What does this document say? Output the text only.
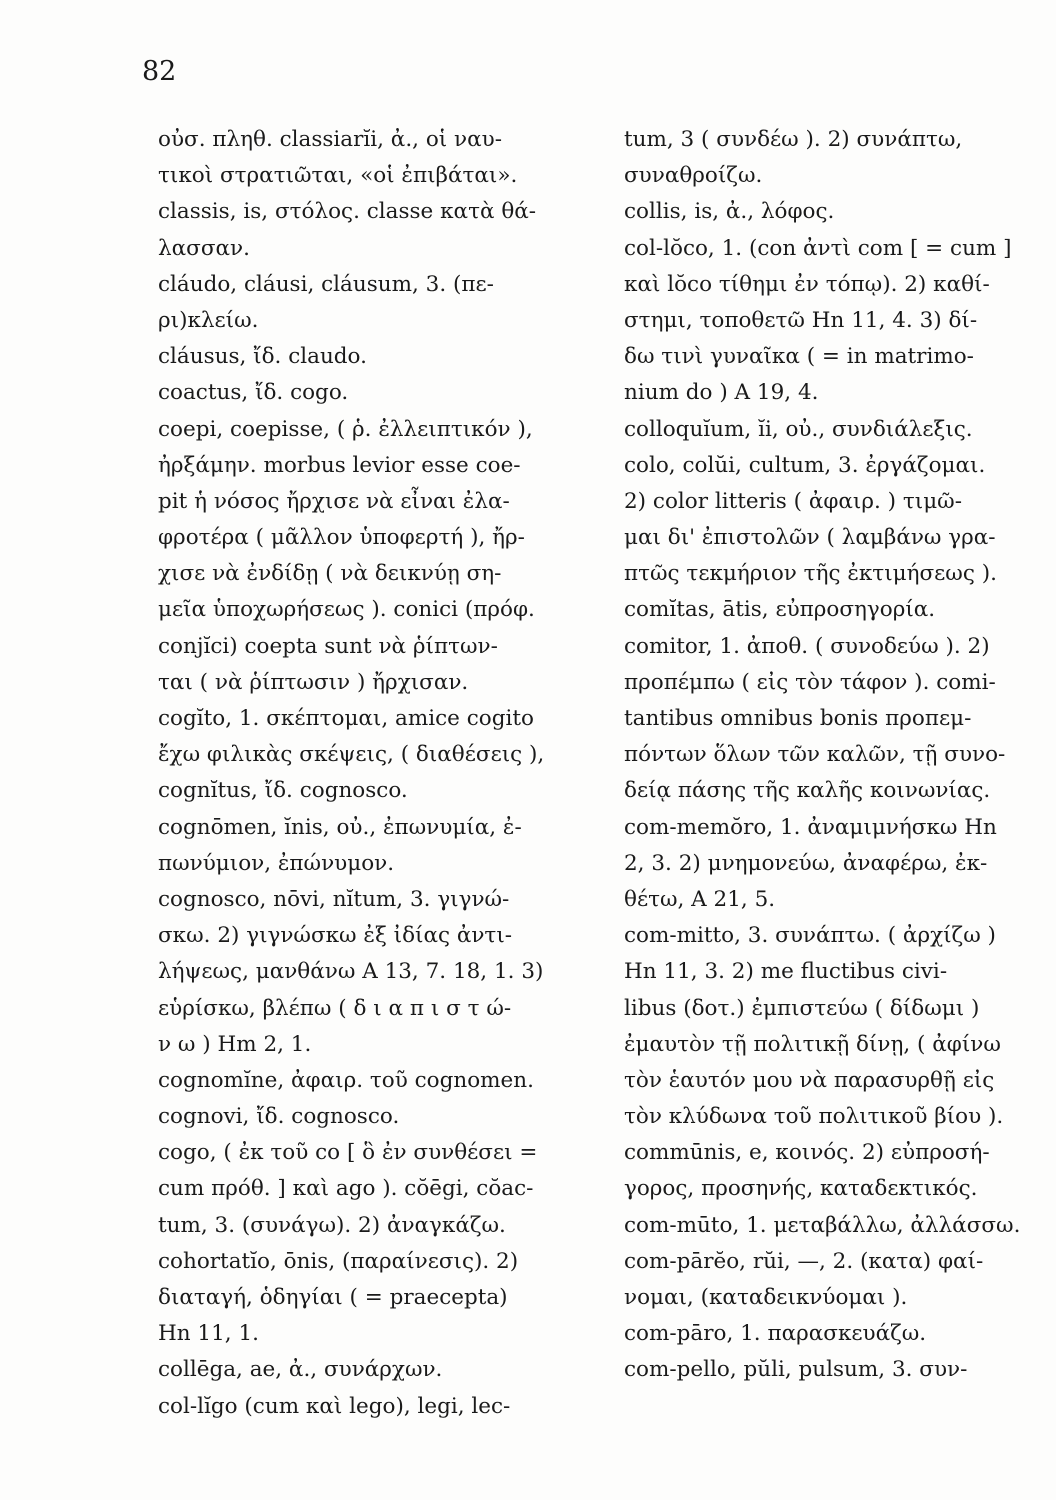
82
οὐσ. πληθ. classiarĭi, ἀ., οἱ ναυ-
τικοὶ στρατιῶται, «οἱ ἐπιβάται».
classis, is, στόλος. classe κατὰ θά-
λασσαν.
cláudo, cláusi, cláusum, 3. (πε-
ρι)κλείω.
cláusus, ἴδ. claudo.
coactus, ἴδ. cogo.
coepi, coepisse, ( ῥ. ἐλλειπτικόν ),
ἠρξάμην. morbus levior esse coe-
pit ἡ νόσος ἤρχισε νὰ εἶναι ἐλα-
φροτέρα ( μᾶλλον ὑποφερτή ), ἤρ-
χισε νὰ ἐνδίδῃ ( νὰ δεικνύῃ ση-
μεῖα ὑποχωρήσεως ). conici (πρόφ.
conjĭci) coepta sunt νὰ ῥίπτων-
ται ( νὰ ῥίπτωσιν ) ἤρχισαν.
cogĭto, 1. σκέπτομαι, amice cogito
ἔχω φιλικὰς σκέψεις, ( διαθέσεις ),
cognĭtus, ἴδ. cognosco.
cognōmen, ĭnis, οὐ., ἐπωνυμία, ἐ-
πωνύμιον, ἐπώνυμον.
cognosco, nōvi, nĭtum, 3. γιγνώ-
σκω. 2) γιγνώσκω ἐξ ἰδίας ἀντι-
λήψεως, μανθάνω A 13, 7. 18, 1. 3)
εὑρίσκω, βλέπω ( δ ι α π ι σ τ ώ-
ν ω ) Hm 2, 1.
cognomĭne, ἀφαιρ. τοῦ cognomen.
cognovi, ἴδ. cognosco.
cogo, ( ἐκ τοῦ co [ ὃ ἐν συνθέσει =
cum πρόθ. ] καὶ ago ). cŏēgi, cŏac-
tum, 3. (συνάγω). 2) ἀναγκάζω.
cohortatĭo, ōnis, (παραίνεσις). 2)
διαταγή, ὁδηγίαι ( = praecepta)
Hn 11, 1.
collēga, ae, ἀ., συνάρχων.
col-lĭgo (cum καὶ lego), legi, lec-
tum, 3 ( συνδέω ). 2) συνάπτω,
συναθροίζω.
collis, is, ἀ., λόφος.
col-lŏco, 1. (con ἀντὶ com [ = cum ]
καὶ lŏco τίθημι ἐν τόπῳ). 2) καθί-
στημι, τοποθετῶ Hn 11, 4. 3) δί-
δω τινὶ γυναῖκα ( = in matrimo-
nium do ) A 19, 4.
colloquĭum, ĭi, οὐ., συνδιάλεξις.
colo, colŭi, cultum, 3. ἐργάζομαι.
2) color litteris ( ἀφαιρ. ) τιμῶ-
μαι δι' ἐπιστολῶν ( λαμβάνω γρα-
πτῶς τεκμήριον τῆς ἐκτιμήσεως ).
comĭtas, ātis, εὐπροσηγορία.
comitor, 1. ἀποθ. ( συνοδεύω ). 2)
προπέμπω ( εἰς τὸν τάφον ). comi-
tantibus omnibus bonis προπεμ-
πόντων ὅλων τῶν καλῶν, τῇ συνο-
δείᾳ πάσης τῆς καλῆς κοινωνίας.
com-memŏro, 1. ἀναμιμνήσκω Hn
2, 3. 2) μνημονεύω, ἀναφέρω, ἐκ-
θέτω, A 21, 5.
com-mitto, 3. συνάπτω. ( ἀρχίζω )
Hn 11, 3. 2) me fluctibus civi-
libus (δοτ.) ἐμπιστεύω ( δίδωμι )
ἐμαυτὸν τῇ πολιτικῇ δίνῃ, ( ἀφίνω
τὸν ἑαυτόν μου νὰ παρασυρθῇ εἰς
τὸν κλύδωνα τοῦ πολιτικοῦ βίου ).
commūnis, e, κοινός. 2) εὐπροσή-
γορος, προσηνής, καταδεκτικός.
com-mūto, 1. μεταβάλλω, ἀλλάσσω.
com-pārĕo, rŭi, —, 2. (κατα) φαί-
νομαι, (καταδεικνύομαι ).
com-pāro, 1. παρασκευάζω.
com-pello, pŭli, pulsum, 3. συν-
